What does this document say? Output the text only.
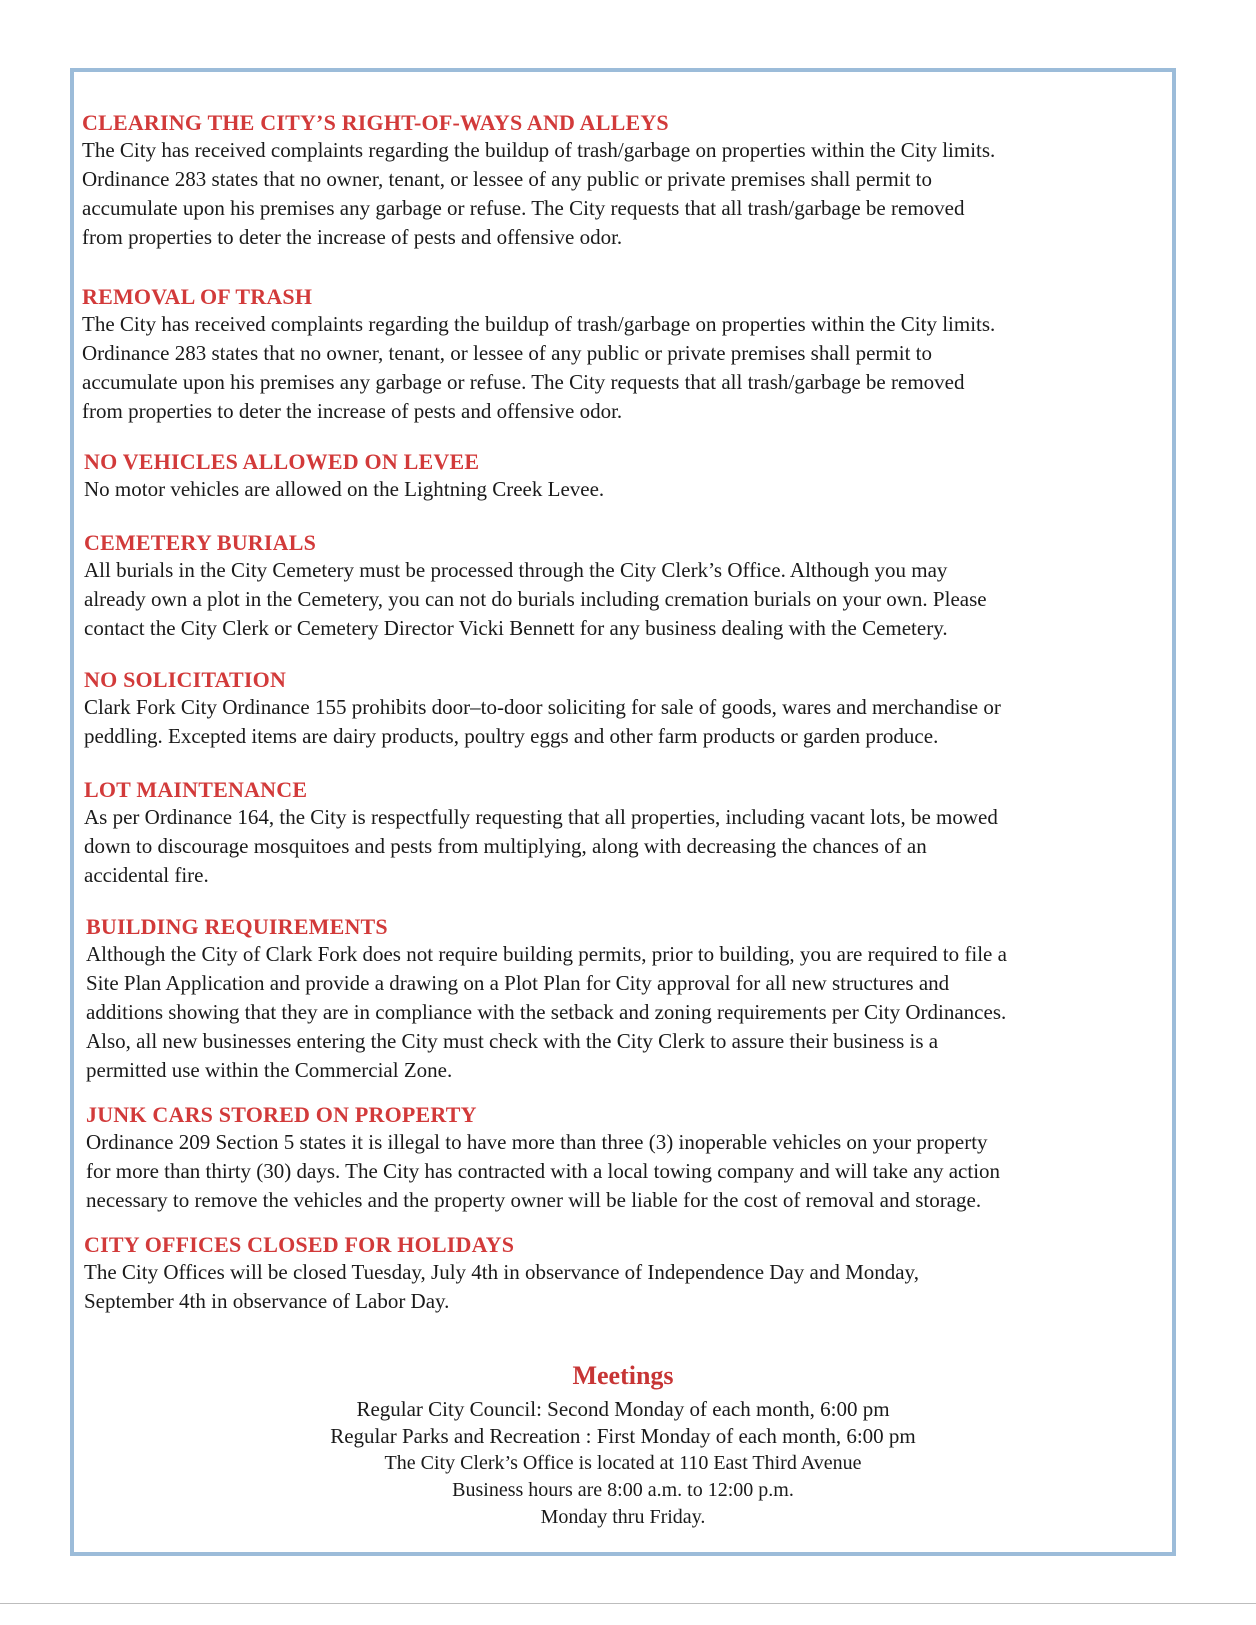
CLEARING THE CITY’S RIGHT-OF-WAYS AND ALLEYS

The City has received complaints regarding the buildup of trash/garbage on properties within the City limits.

Ordinance 283 states that no owner, tenant, or lessee of any public or private premises shall permit to

accumulate upon his premises any garbage or refuse. The City requests that all trash/garbage be removed

from properties to deter the increase of pests and offensive odor.

REMOVAL OF TRASH

The City has received complaints regarding the buildup of trash/garbage on properties within the City limits.

Ordinance 283 states that no owner, tenant, or lessee of any public or private premises shall permit to

accumulate upon his premises any garbage or refuse. The City requests that all trash/garbage be removed

from properties to deter the increase of pests and offensive odor.

NO VEHICLES ALLOWED ON LEVEE

No motor vehicles are allowed on the Lightning Creek Levee.

CEMETERY BURIALS

All burials in the City Cemetery must be processed through the City Clerk’s Office. Although you may

already own a plot in the Cemetery, you can not do burials including cremation burials on your own. Please

contact the City Clerk or Cemetery Director Vicki Bennett for any business dealing with the Cemetery.

NO SOLICITATION

Clark Fork City Ordinance 155 prohibits door–to-door soliciting for sale of goods, wares and merchandise or

peddling. Excepted items are dairy products, poultry eggs and other farm products or garden produce.

LOT MAINTENANCE

As per Ordinance 164, the City is respectfully requesting that all properties, including vacant lots, be mowed

down to discourage mosquitoes and pests from multiplying, along with decreasing the chances of an

accidental fire.

BUILDING REQUIREMENTS

Although the City of Clark Fork does not require building permits, prior to building, you are required to file a

Site Plan Application and provide a drawing on a Plot Plan for City approval for all new structures and

additions showing that they are in compliance with the setback and zoning requirements per City Ordinances.

Also, all new businesses entering the City must check with the City Clerk to assure their business is a

permitted use within the Commercial Zone.

JUNK CARS STORED ON PROPERTY

Ordinance 209 Section 5 states it is illegal to have more than three (3) inoperable vehicles on your property

for more than thirty (30) days. The City has contracted with a local towing company and will take any action

necessary to remove the vehicles and the property owner will be liable for the cost of removal and storage.

CITY OFFICES CLOSED FOR HOLIDAYS

The City Offices will be closed Tuesday, July 4th in observance of Independence Day and Monday,

September 4th in observance of Labor Day.

Meetings
Regular City Council: Second Monday of each month, 6:00 pm
Regular Parks and Recreation : First Monday of each month, 6:00 pm
The City Clerk’s Office is located at 110 East Third Avenue
Business hours are 8:00 a.m. to 12:00 p.m.
Monday thru Friday.
